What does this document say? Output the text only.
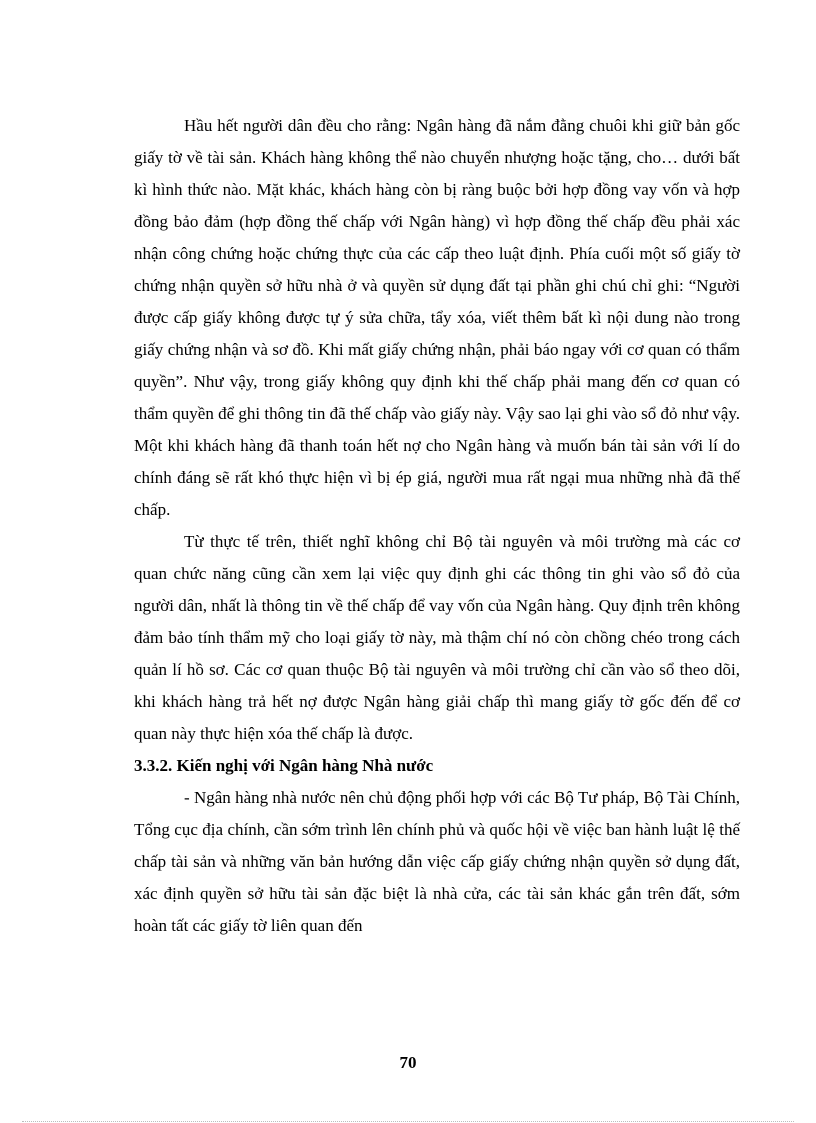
Hầu hết người dân đều cho rằng: Ngân hàng đã nắm đằng chuôi khi giữ bản gốc giấy tờ về tài sản. Khách hàng không thể nào chuyển nhượng hoặc tặng, cho… dưới bất kì hình thức nào. Mặt khác, khách hàng còn bị ràng buộc bởi hợp đồng vay vốn và hợp đồng bảo đảm (hợp đồng thế chấp với Ngân hàng) vì hợp đồng thế chấp đều phải xác nhận công chứng hoặc chứng thực của các cấp theo luật định. Phía cuối một số giấy tờ chứng nhận quyền sở hữu nhà ở và quyền sử dụng đất tại phần ghi chú chỉ ghi: “Người được cấp giấy không được tự ý sửa chữa, tẩy xóa, viết thêm bất kì nội dung nào trong giấy chứng nhận và sơ đồ. Khi mất giấy chứng nhận, phải báo ngay với cơ quan có thẩm quyền”. Như vậy, trong giấy không quy định khi thế chấp phải mang đến cơ quan có thẩm quyền để ghi thông tin đã thế chấp vào giấy này. Vậy sao lại ghi vào sổ đỏ như vậy. Một khi khách hàng đã thanh toán hết nợ cho Ngân hàng và muốn bán tài sản với lí do chính đáng sẽ rất khó thực hiện vì bị ép giá, người mua rất ngại mua những nhà đã thế chấp.

Từ thực tế trên, thiết nghĩ không chỉ Bộ tài nguyên và môi trường mà các cơ quan chức năng cũng cần xem lại việc quy định ghi các thông tin ghi vào sổ đỏ của người dân, nhất là thông tin về thế chấp để vay vốn của Ngân hàng. Quy định trên không đảm bảo tính thẩm mỹ cho loại giấy tờ này, mà thậm chí nó còn chồng chéo trong cách quản lí hồ sơ. Các cơ quan thuộc Bộ tài nguyên và môi trường chỉ cần vào sổ theo dõi, khi khách hàng trả hết nợ được Ngân hàng giải chấp thì mang giấy tờ gốc đến để cơ quan này thực hiện xóa thế chấp là được.

3.3.2. Kiến nghị với Ngân hàng Nhà nước

- Ngân hàng nhà nước nên chủ động phối hợp với các Bộ Tư pháp, Bộ Tài Chính, Tổng cục địa chính, cần sớm trình lên chính phủ và quốc hội về việc ban hành luật lệ thế chấp tài sản và những văn bản hướng dẫn việc cấp giấy chứng nhận quyền sở dụng đất, xác định quyền sở hữu tài sản đặc biệt là nhà cửa, các tài sản khác gắn trên đất, sớm hoàn tất các giấy tờ liên quan đến

70
